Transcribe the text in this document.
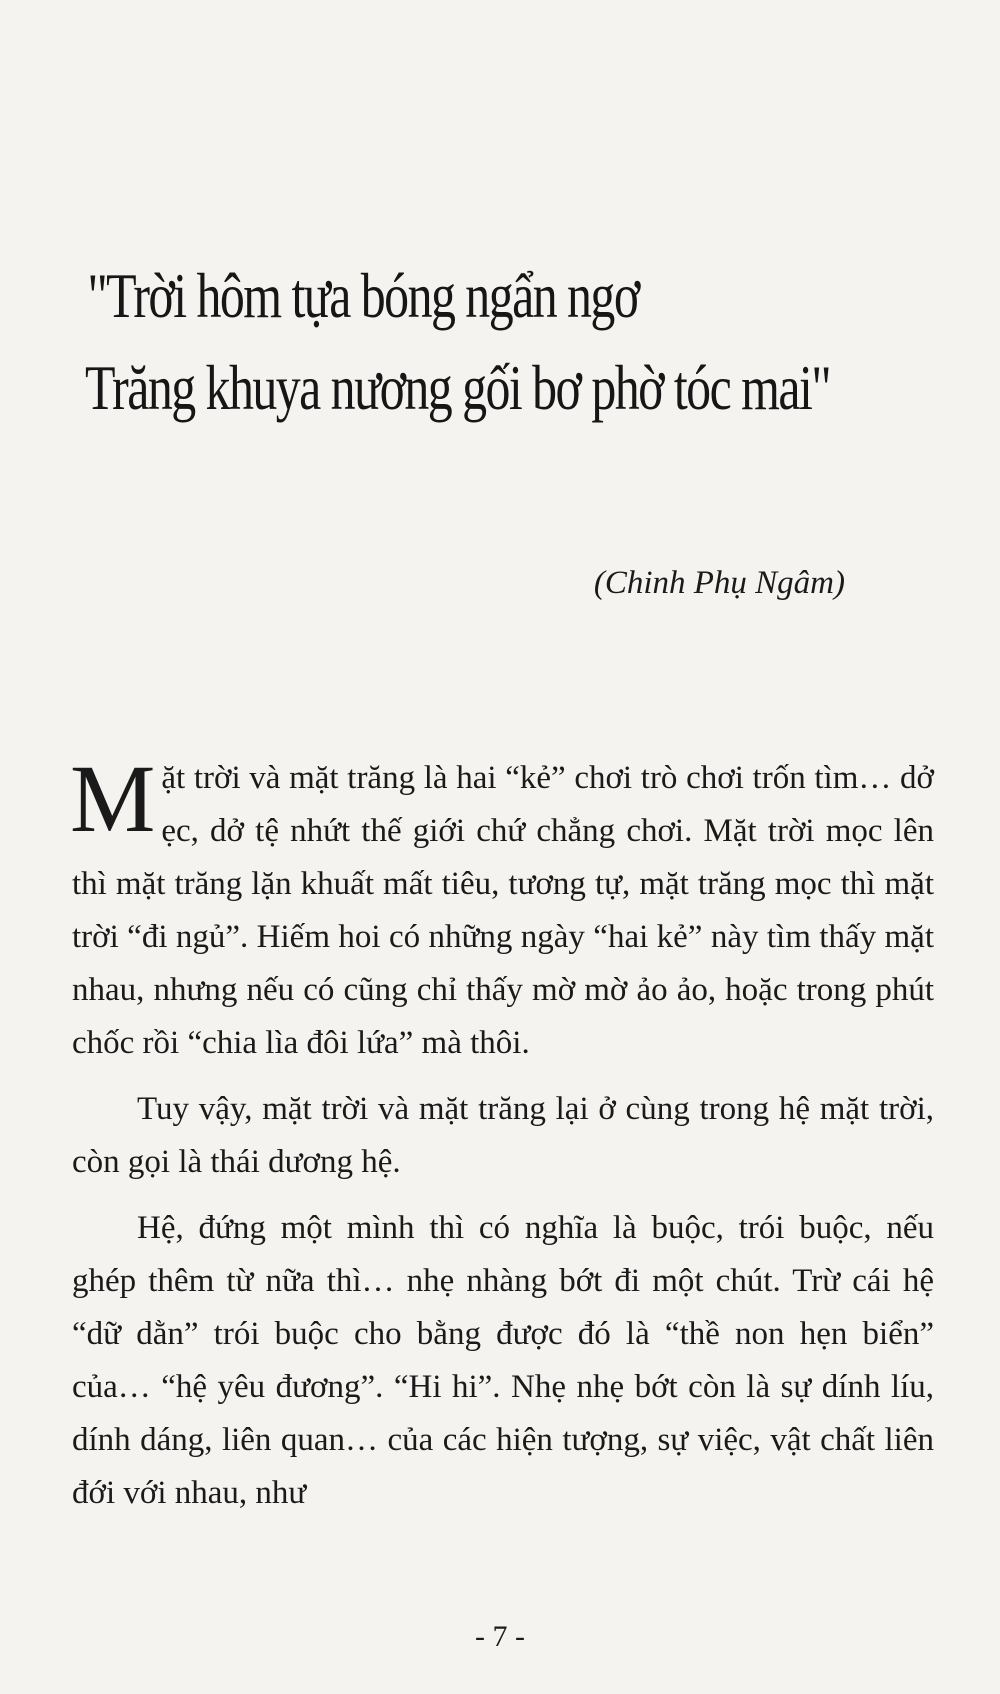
"Trời hôm tựa bóng ngẩn ngơ
Trăng khuya nương gối bơ phờ tóc mai"
(Chinh Phụ Ngâm)

Mặt trời và mặt trăng là hai “kẻ” chơi trò chơi trốn tìm… dở ẹc, dở tệ nhứt thế giới chứ chẳng chơi. Mặt trời mọc lên thì mặt trăng lặn khuất mất tiêu, tương tự, mặt trăng mọc thì mặt trời “đi ngủ”. Hiếm hoi có những ngày “hai kẻ” này tìm thấy mặt nhau, nhưng nếu có cũng chỉ thấy mờ mờ ảo ảo, hoặc trong phút chốc rồi “chia lìa đôi lứa” mà thôi.

Tuy vậy, mặt trời và mặt trăng lại ở cùng trong hệ mặt trời, còn gọi là thái dương hệ.

Hệ, đứng một mình thì có nghĩa là buộc, trói buộc, nếu ghép thêm từ nữa thì… nhẹ nhàng bớt đi một chút. Trừ cái hệ “dữ dằn” trói buộc cho bằng được đó là “thề non hẹn biển” của… “hệ yêu đương”. “Hi hi”. Nhẹ nhẹ bớt còn là sự dính líu, dính dáng, liên quan… của các hiện tượng, sự việc, vật chất liên đới với nhau, như

- 7 -
